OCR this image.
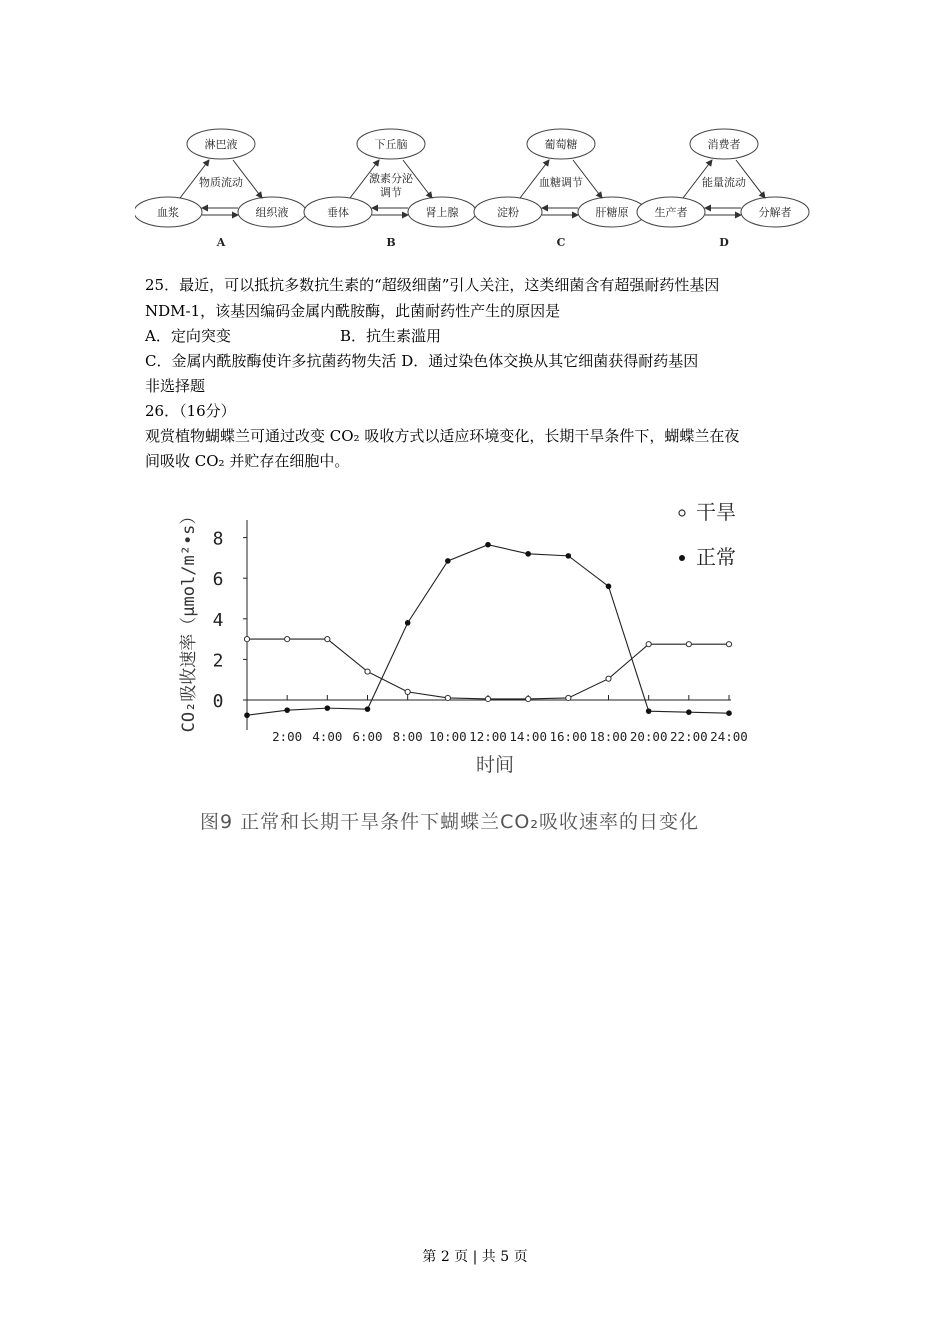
淋巴液
血浆	组织液
物质流动
A
下丘脑
垂体	肾上腺
激素分泌
调节
B
葡萄糖
淀粉	肝糖原
血糖调节
C
消费者
生产者	分解者
能量流动
D
25．最近，可以抵抗多数抗生素的“超级细菌”引人关注，这类细菌含有超强耐药性基因
NDM-1，该基因编码金属内酰胺酶，此菌耐药性产生的原因是
A．定向突变	B．抗生素滥用
C．金属内酰胺酶使许多抗菌药物失活 D．通过染色体交换从其它细菌获得耐药基因
非选择题
26．（16分）
观赏植物蝴蝶兰可通过改变 CO₂ 吸收方式以适应环境变化，长期干旱条件下，蝴蝶兰在夜
间吸收 CO₂ 并贮存在细胞中。
0
2
4
6
8
2:00 4:00 6:00 8:00 10:00 12:00 14:00 16:00 18:00 20:00 22:00 24:00
CO₂吸收速率（μmol/m²•s）
时间
干旱
正常
图9 正常和长期干旱条件下蝴蝶兰CO₂吸收速率的日变化
第 2 页 | 共 5 页
